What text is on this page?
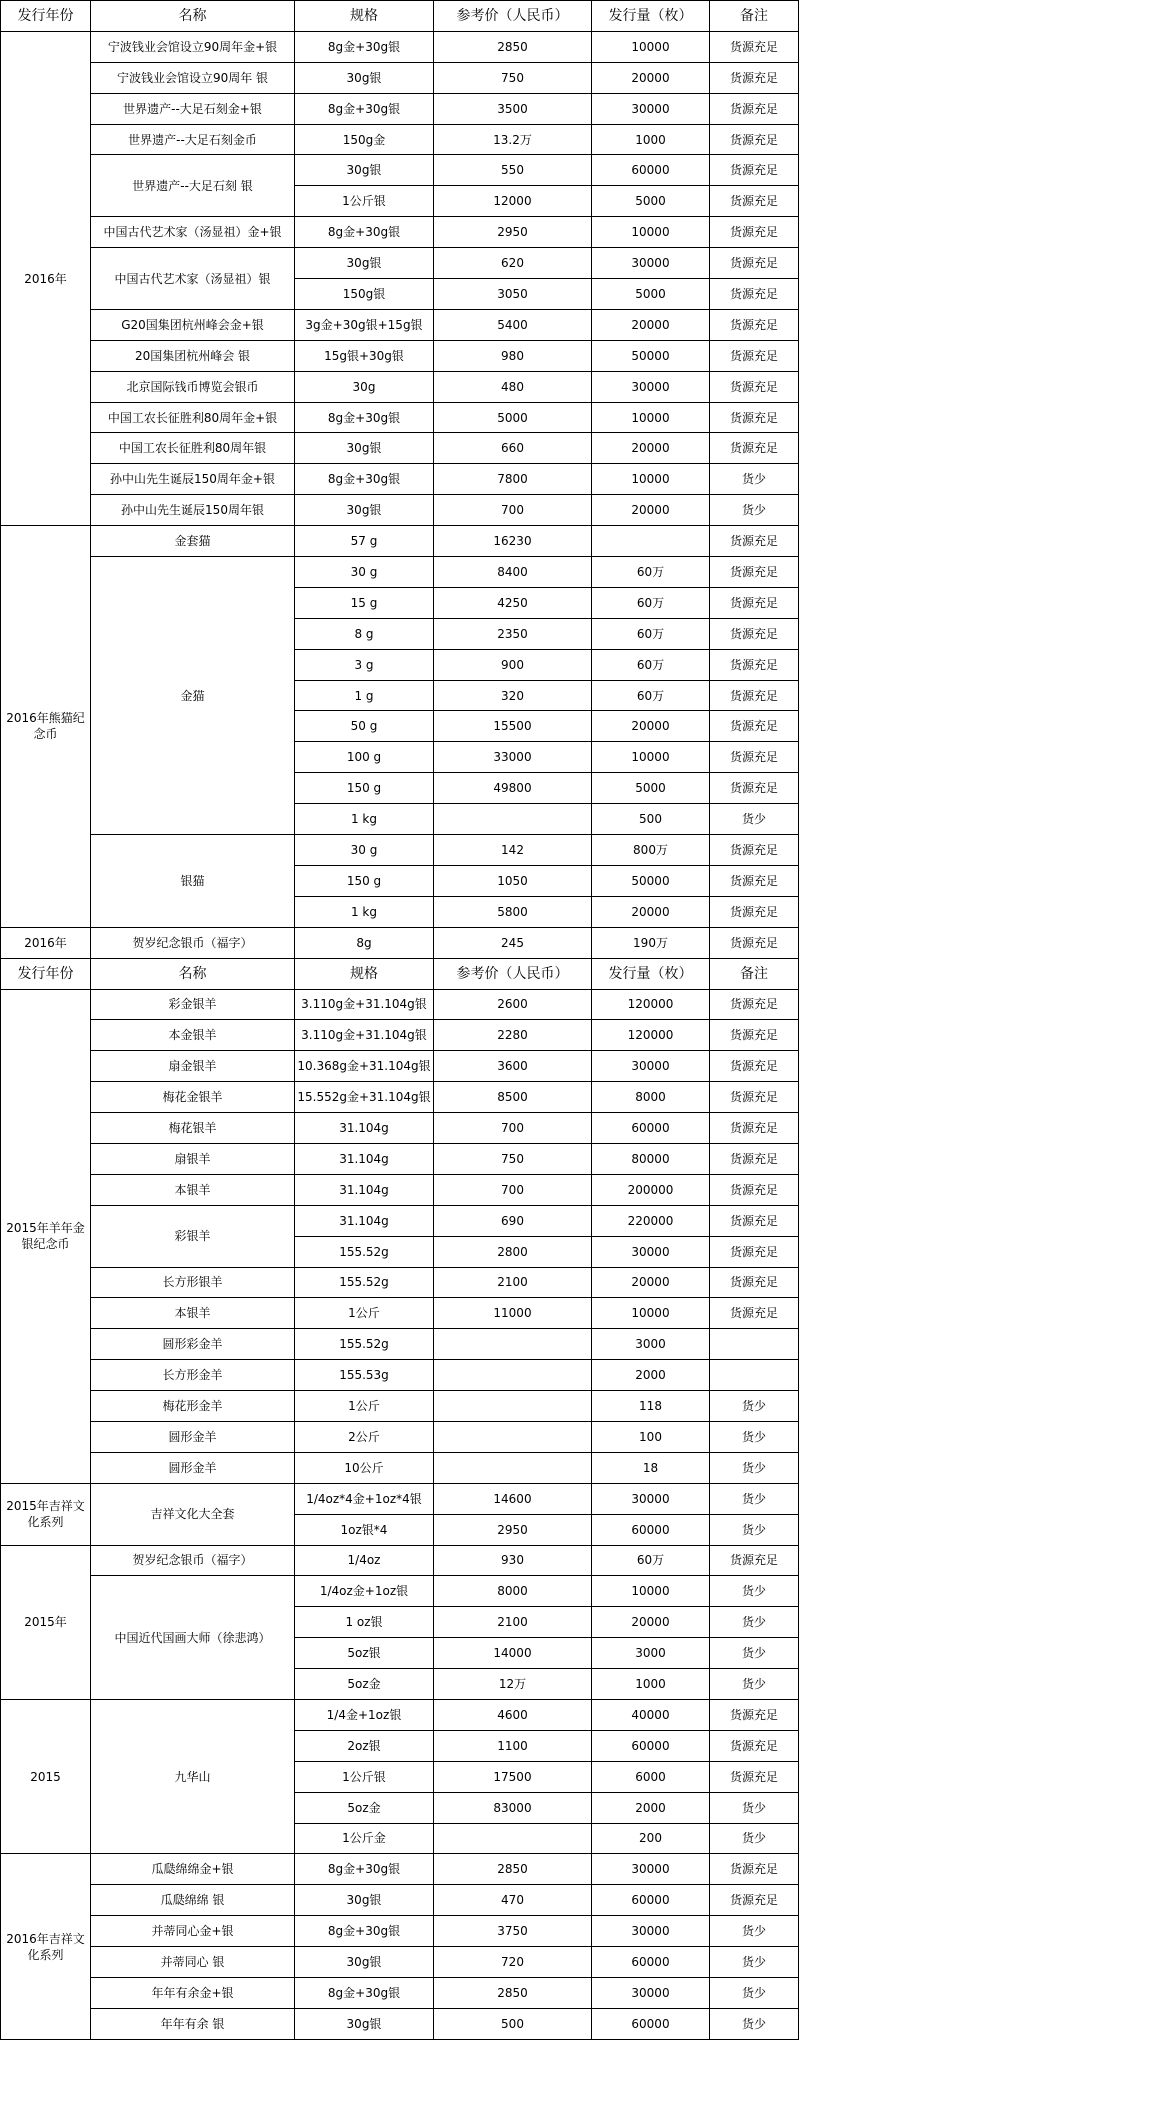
发行年份	名称	规格	参考价（人民币）	发行量（枚）	备注
2016年	宁波钱业会馆设立90周年金+银	8g金+30g银	2850	10000	货源充足
	宁波钱业会馆设立90周年 银	30g银	750	20000	货源充足
	世界遗产--大足石刻金+银	8g金+30g银	3500	30000	货源充足
	世界遗产--大足石刻金币	150g金	13.2万	1000	货源充足
	世界遗产--大足石刻 银	30g银	550	60000	货源充足
		1公斤银	12000	5000	货源充足
	中国古代艺术家（汤显祖）金+银	8g金+30g银	2950	10000	货源充足
	中国古代艺术家（汤显祖）银	30g银	620	30000	货源充足
		150g银	3050	5000	货源充足
	G20国集团杭州峰会金+银	3g金+30g银+15g银	5400	20000	货源充足
	20国集团杭州峰会 银	15g银+30g银	980	50000	货源充足
	北京国际钱币博览会银币	30g	480	30000	货源充足
	中国工农长征胜利80周年金+银	8g金+30g银	5000	10000	货源充足
	中国工农长征胜利80周年银	30g银	660	20000	货源充足
	孙中山先生诞辰150周年金+银	8g金+30g银	7800	10000	货少
	孙中山先生诞辰150周年银	30g银	700	20000	货少
2016年熊猫纪念币	金套猫	57 g	16230		货源充足
	金猫	30 g	8400	60万	货源充足
		15 g	4250	60万	货源充足
		8 g	2350	60万	货源充足
		3 g	900	60万	货源充足
		1 g	320	60万	货源充足
		50 g	15500	20000	货源充足
		100 g	33000	10000	货源充足
		150 g	49800	5000	货源充足
		1 kg		500	货少
	银猫	30 g	142	800万	货源充足
		150 g	1050	50000	货源充足
		1 kg	5800	20000	货源充足
2016年	贺岁纪念银币（福字）	8g	245	190万	货源充足
发行年份	名称	规格	参考价（人民币）	发行量（枚）	备注
2015年羊年金银纪念币	彩金银羊	3.110g金+31.104g银	2600	120000	货源充足
	本金银羊	3.110g金+31.104g银	2280	120000	货源充足
	扇金银羊	10.368g金+31.104g银	3600	30000	货源充足
	梅花金银羊	15.552g金+31.104g银	8500	8000	货源充足
	梅花银羊	31.104g	700	60000	货源充足
	扇银羊	31.104g	750	80000	货源充足
	本银羊	31.104g	700	200000	货源充足
	彩银羊	31.104g	690	220000	货源充足
		155.52g	2800	30000	货源充足
	长方形银羊	155.52g	2100	20000	货源充足
	本银羊	1公斤	11000	10000	货源充足
	圆形彩金羊	155.52g		3000	
	长方形金羊	155.53g		2000	
	梅花形金羊	1公斤		118	货少
	圆形金羊	2公斤		100	货少
	圆形金羊	10公斤		18	货少
2015年吉祥文化系列	吉祥文化大全套	1/4oz*4金+1oz*4银	14600	30000	货少
		1oz银*4	2950	60000	货少
2015年	贺岁纪念银币（福字）	1/4oz	930	60万	货源充足
	中国近代国画大师（徐悲鸿）	1/4oz金+1oz银	8000	10000	货少
		1 oz银	2100	20000	货少
		5oz银	14000	3000	货少
		5oz金	12万	1000	货少
2015	九华山	1/4金+1oz银	4600	40000	货源充足
		2oz银	1100	60000	货源充足
		1公斤银	17500	6000	货源充足
		5oz金	83000	2000	货少
		1公斤金		200	货少
2016年吉祥文化系列	瓜瓞绵绵金+银	8g金+30g银	2850	30000	货源充足
	瓜瓞绵绵 银	30g银	470	60000	货源充足
	并蒂同心金+银	8g金+30g银	3750	30000	货少
	并蒂同心 银	30g银	720	60000	货少
	年年有余金+银	8g金+30g银	2850	30000	货少
	年年有余 银	30g银	500	60000	货少
